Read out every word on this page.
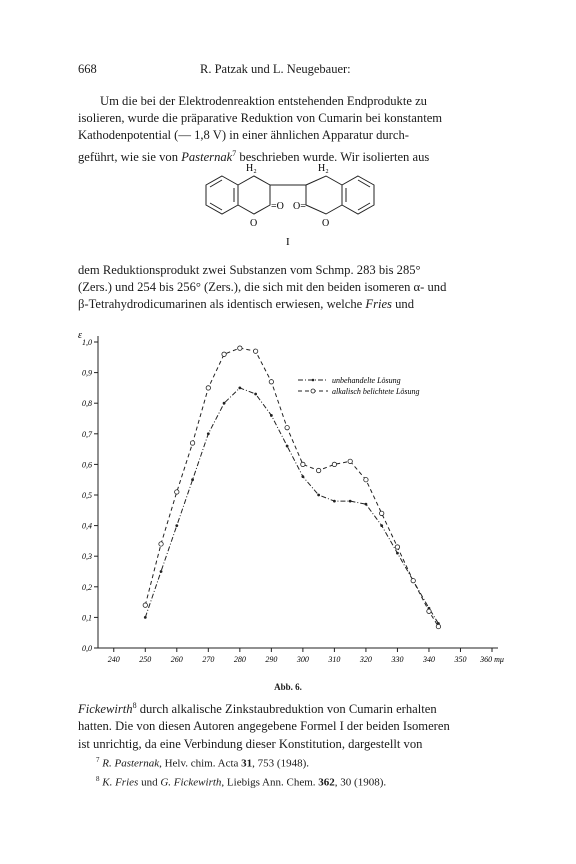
668	R. Patzak und L. Neugebauer:

Um die bei der Elektrodenreaktion entstehenden Endprodukte zu

isolieren, wurde die präparative Reduktion von Cumarin bei konstantem

Kathodenpotential (— 1,8 V) in einer ähnlichen Apparatur durch-

geführt, wie sie von Pasternak$^7$ beschrieben wurde. Wir isolierten aus

H₂	H₂
=O O=
O	O
I

dem Reduktionsprodukt zwei Substanzen vom Schmp. 283 bis 285°

(Zers.) und 254 bis 256° (Zers.), die sich mit den beiden isomeren α- und

β-Tetrahydrodicumarinen als identisch erwiesen, welche Fries und

0,0
0,1
0,2
0,3
0,4
0,5
0,6
0,7
0,8
0,9
1,0
ε
240 250 260 270 280 290 300 310 320 330 340 350 360 mμ
unbehandelte Lösung
alkalisch belichtete Lösung
Abb. 6.

Fickewirth$^8$ durch alkalische Zinkstaubreduktion von Cumarin erhalten

hatten. Die von diesen Autoren angegebene Formel I der beiden Isomeren

ist unrichtig, da eine Verbindung dieser Konstitution, dargestellt von

$^7$ R. Pasternak, Helv. chim. Acta 31, 753 (1948).

$^8$ K. Fries und G. Fickewirth, Liebigs Ann. Chem. 362, 30 (1908).
